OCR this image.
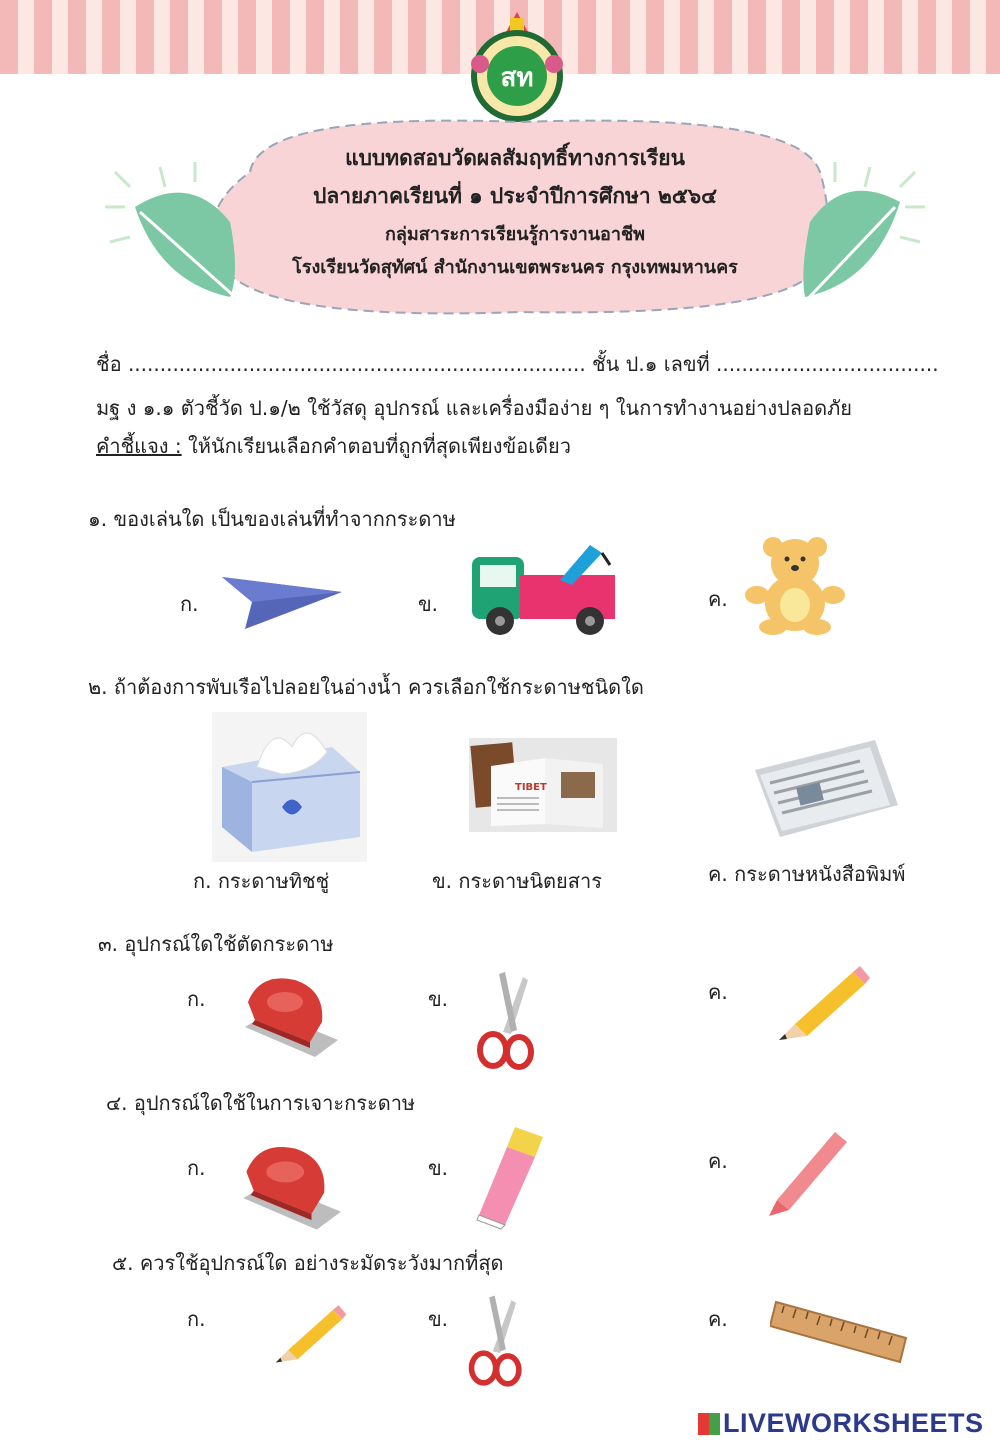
สท
แบบทดสอบวัดผลสัมฤทธิ์ทางการเรียน
ปลายภาคเรียนที่ ๑ ประจำปีการศึกษา ๒๕๖๔
กลุ่มสาระการเรียนรู้การงานอาชีพ
โรงเรียนวัดสุทัศน์ สำนักงานเขตพระนคร กรุงเทพมหานคร
ชื่อ ........................................................................ ชั้น ป.๑ เลขที่ ...................................
มฐ ง ๑.๑ ตัวชี้วัด ป.๑/๒ ใช้วัสดุ อุปกรณ์ และเครื่องมือง่าย ๆ ในการทำงานอย่างปลอดภัย
คำชี้แจง : ให้นักเรียนเลือกคำตอบที่ถูกที่สุดเพียงข้อเดียว
๑. ของเล่นใด เป็นของเล่นที่ทำจากกระดาษ
ก.	ข.	ค.
๒. ถ้าต้องการพับเรือไปลอยในอ่างน้ำ ควรเลือกใช้กระดาษชนิดใด
ก. กระดาษทิชชู่
TIBET
ข. กระดาษนิตยสาร	ค. กระดาษหนังสือพิมพ์
๓. อุปกรณ์ใดใช้ตัดกระดาษ
ก.	ข.	ค.
๔. อุปกรณ์ใดใช้ในการเจาะกระดาษ
ก.	ข.	ค.
๕. ควรใช้อุปกรณ์ใด อย่างระมัดระวังมากที่สุด
ก.	ข.	ค.
LIVEWORKSHEETS
